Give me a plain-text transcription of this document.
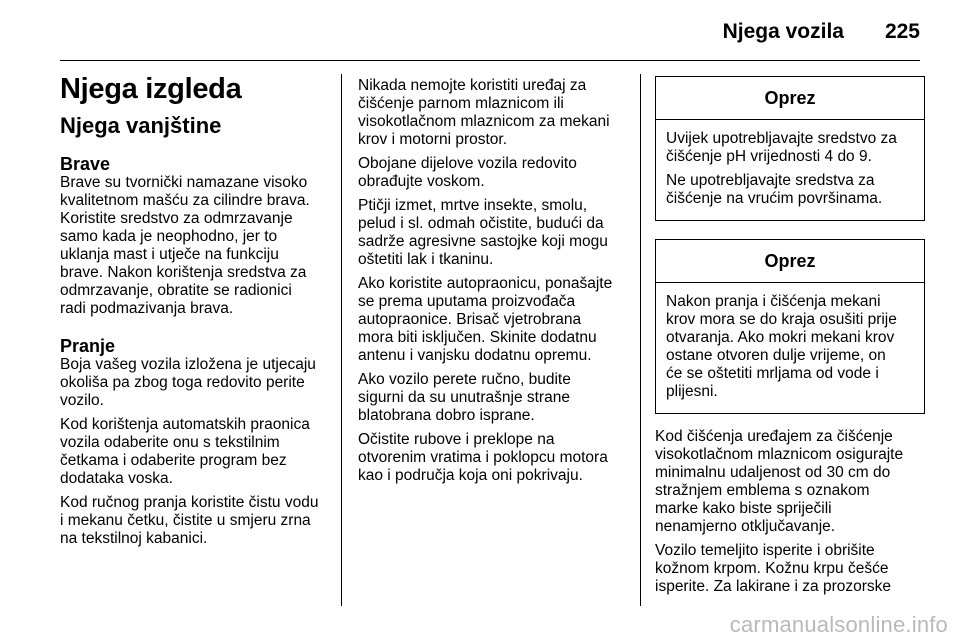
Njega vozila 225
Njega izgleda
Njega vanjštine
Brave

Brave su tvornički namazane visoko
kvalitetnom mašću za cilindre brava.
Koristite sredstvo za odmrzavanje
samo kada je neophodno, jer to
uklanja mast i utječe na funkciju
brave. Nakon korištenja sredstva za
odmrzavanje, obratite se radionici
radi podmazivanja brava.

Pranje

Boja vašeg vozila izložena je utjecaju
okoliša pa zbog toga redovito perite
vozilo.

Kod korištenja automatskih praonica
vozila odaberite onu s tekstilnim
četkama i odaberite program bez
dodataka voska.

Kod ručnog pranja koristite čistu vodu
i mekanu četku, čistite u smjeru zrna
na tekstilnoj kabanici.

Nikada nemojte koristiti uređaj za
čišćenje parnom mlaznicom ili
visokotlačnom mlaznicom za mekani
krov i motorni prostor.

Obojane dijelove vozila redovito
obrađujte voskom.

Ptičji izmet, mrtve insekte, smolu,
pelud i sl. odmah očistite, budući da
sadrže agresivne sastojke koji mogu
oštetiti lak i tkaninu.

Ako koristite autopraonicu, ponašajte
se prema uputama proizvođača
autopraonice. Brisač vjetrobrana
mora biti isključen. Skinite dodatnu
antenu i vanjsku dodatnu opremu.

Ako vozilo perete ručno, budite
sigurni da su unutrašnje strane
blatobrana dobro isprane.

Očistite rubove i preklope na
otvorenim vratima i poklopcu motora
kao i područja koja oni pokrivaju.

Oprez

Uvijek upotrebljavajte sredstvo za
čišćenje pH vrijednosti 4 do 9.

Ne upotrebljavajte sredstva za
čišćenje na vrućim površinama.

Oprez

Nakon pranja i čišćenja mekani
krov mora se do kraja osušiti prije
otvaranja. Ako mokri mekani krov
ostane otvoren dulje vrijeme, on
će se oštetiti mrljama od vode i
plijesni.

Kod čišćenja uređajem za čišćenje
visokotlačnom mlaznicom osigurajte
minimalnu udaljenost od 30 cm do
stražnjem emblema s oznakom
marke kako biste spriječili
nenamjerno otključavanje.

Vozilo temeljito isperite i obrišite
kožnom krpom. Kožnu krpu češće
isperite. Za lakirane i za prozorske

carmanualsonline.info
